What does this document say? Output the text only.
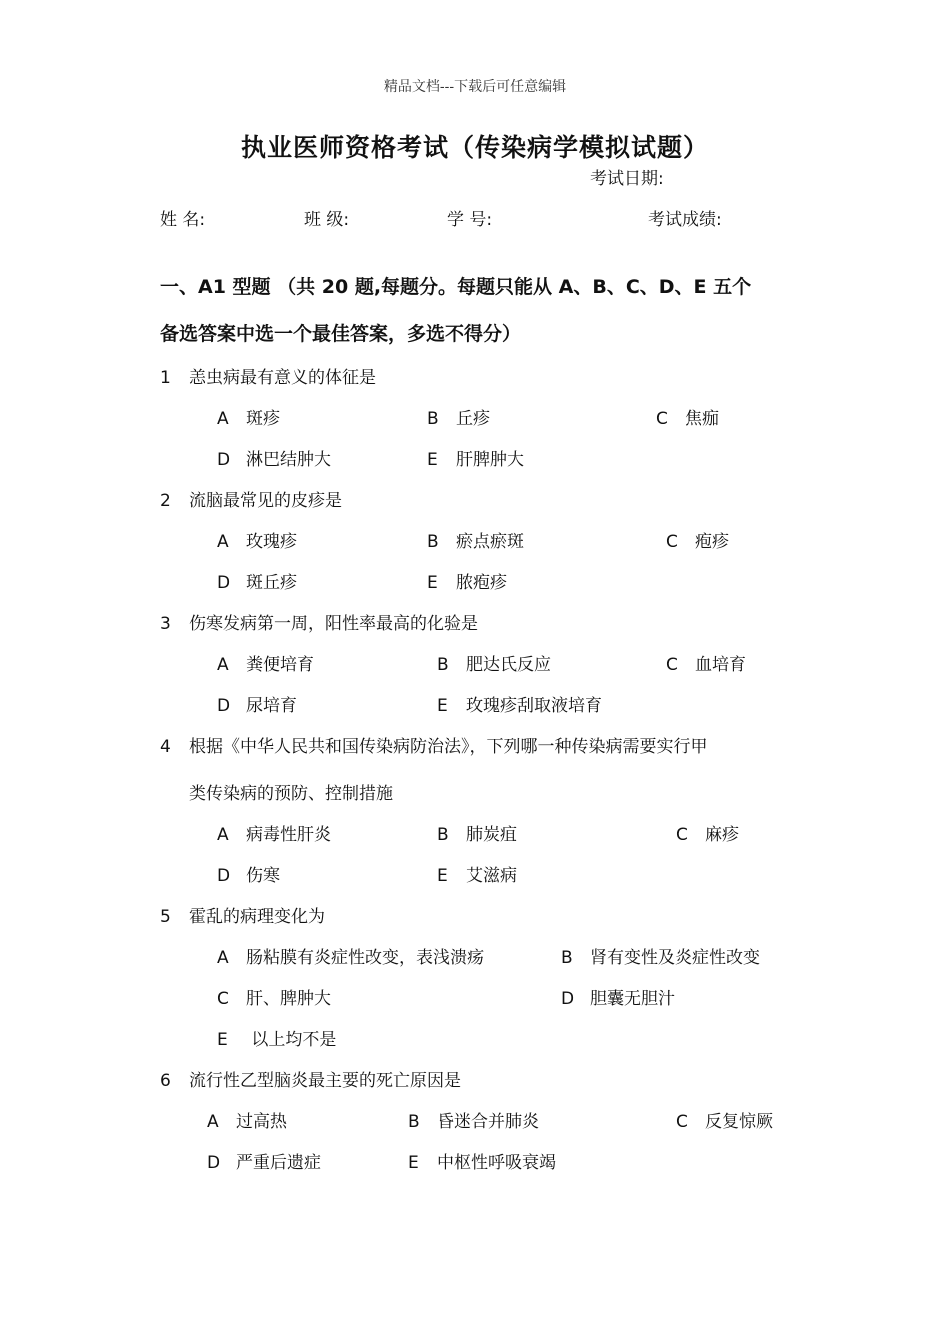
精品文档---下载后可任意编辑
执业医师资格考试（传染病学模拟试题）
考试日期:
姓 名:	班 级:	学 号:	考试成绩:
一、A1 型题 （共 20 题,每题分。每题只能从 A、B、C、D、E 五个
备选答案中选一个最佳答案，多选不得分）
1 恙虫病最有意义的体征是
A 斑疹	B 丘疹	C 焦痂
D 淋巴结肿大	E 肝脾肿大
2 流脑最常见的皮疹是
A 玫瑰疹	B 瘀点瘀斑	C 疱疹
D 斑丘疹	E 脓疱疹
3 伤寒发病第一周，阳性率最高的化验是
A 粪便培育	B 肥达氏反应	C 血培育
D 尿培育	E 玫瑰疹刮取液培育
4 根据《中华人民共和国传染病防治法》，下列哪一种传染病需要实行甲
类传染病的预防、控制措施
A 病毒性肝炎	B 肺炭疽	C 麻疹
D 伤寒	E 艾滋病
5 霍乱的病理变化为
A 肠粘膜有炎症性改变，表浅溃疡	B 肾有变性及炎症性改变
C 肝、脾肿大	D 胆囊无胆汁
E 以上均不是
6 流行性乙型脑炎最主要的死亡原因是
A 过高热	B 昏迷合并肺炎	C 反复惊厥
D 严重后遗症	E 中枢性呼吸衰竭
